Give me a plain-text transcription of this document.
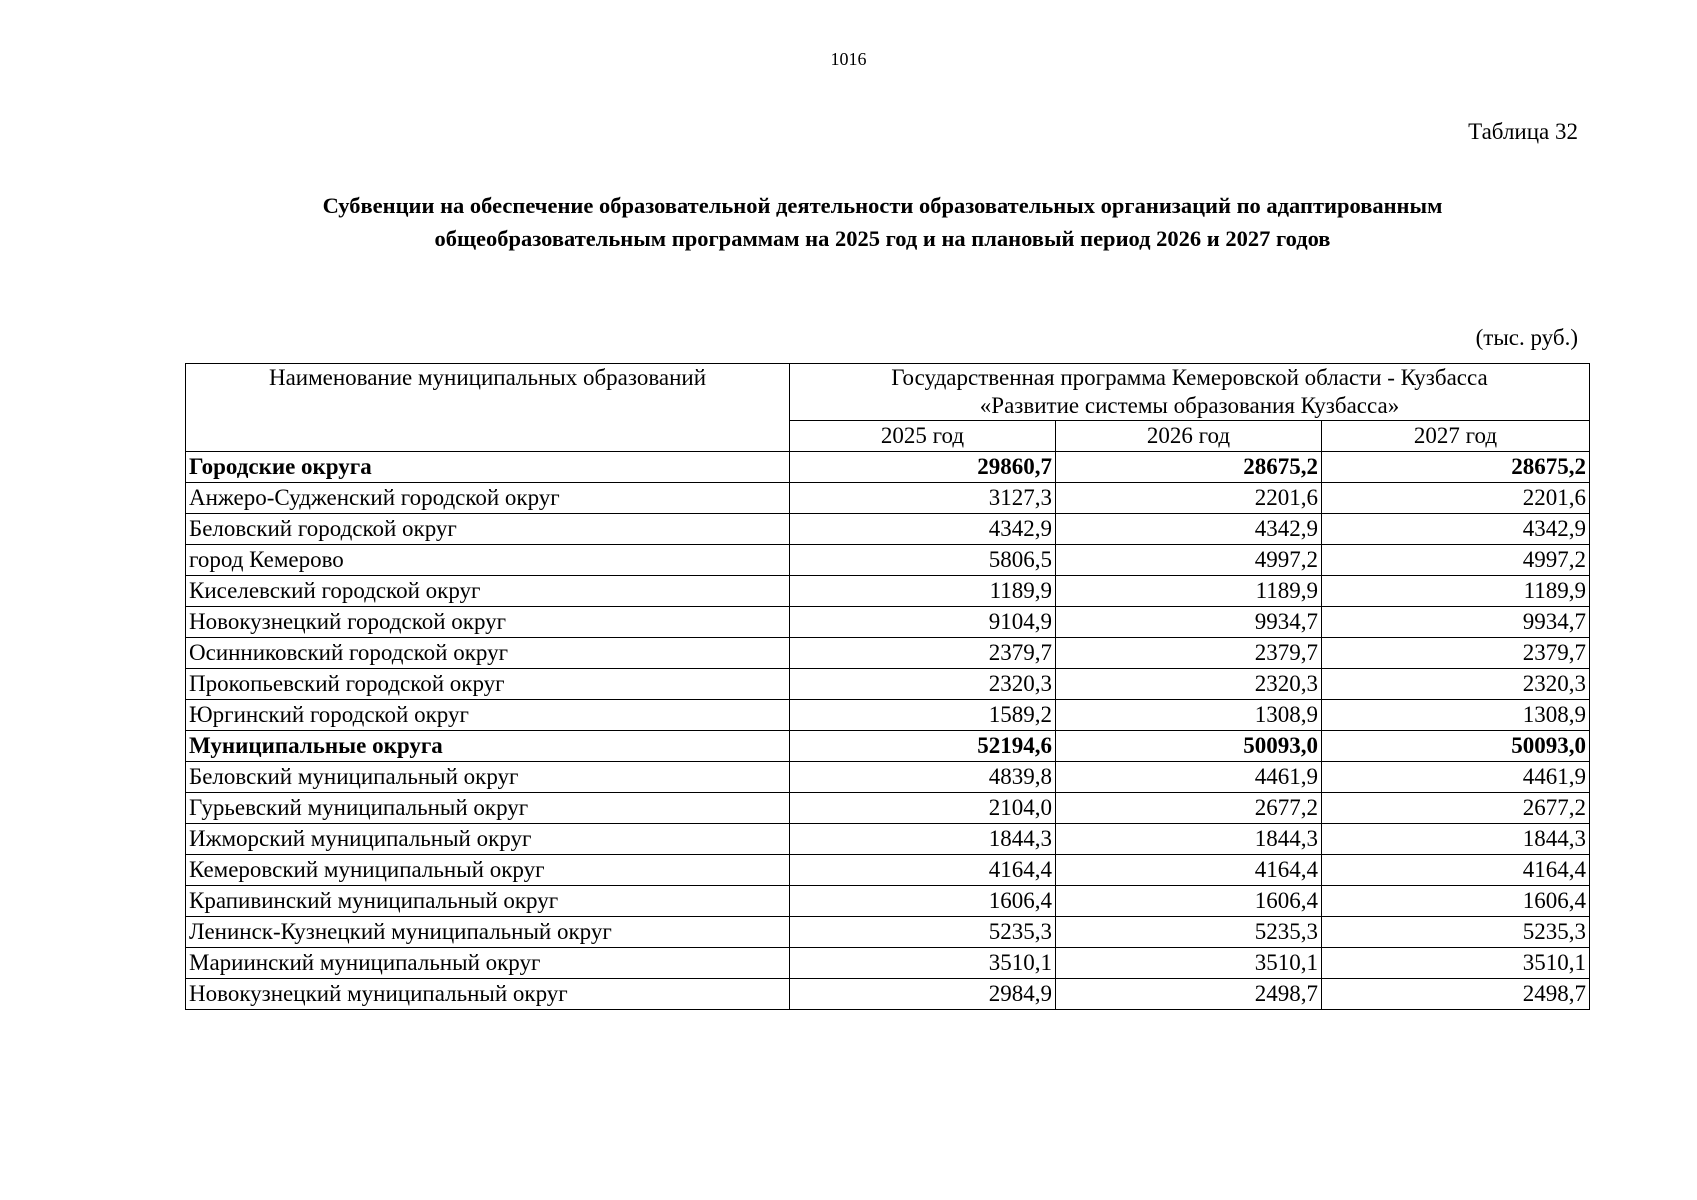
1016
Таблица 32
Субвенции на обеспечение образовательной деятельности образовательных организаций по адаптированным
общеобразовательным программам на 2025 год и на плановый период 2026 и 2027 годов
(тыс. руб.)
Наименование муниципальных образований	Государственная программа Кемеровской области - Кузбасса
«Развитие системы образования Кузбасса»		

	2025 год	2026 год	2027 год
Городские округа	29860,7	28675,2	28675,2
Анжеро-Судженский городской округ	3127,3	2201,6	2201,6
Беловский городской округ	4342,9	4342,9	4342,9
город Кемерово	5806,5	4997,2	4997,2
Киселевский городской округ	1189,9	1189,9	1189,9
Новокузнецкий городской округ	9104,9	9934,7	9934,7
Осинниковский городской округ	2379,7	2379,7	2379,7
Прокопьевский городской округ	2320,3	2320,3	2320,3
Юргинский городской округ	1589,2	1308,9	1308,9
Муниципальные округа	52194,6	50093,0	50093,0
Беловский муниципальный округ	4839,8	4461,9	4461,9
Гурьевский муниципальный округ	2104,0	2677,2	2677,2
Ижморский муниципальный округ	1844,3	1844,3	1844,3
Кемеровский муниципальный округ	4164,4	4164,4	4164,4
Крапивинский муниципальный округ	1606,4	1606,4	1606,4
Ленинск-Кузнецкий муниципальный округ	5235,3	5235,3	5235,3
Мариинский муниципальный округ	3510,1	3510,1	3510,1
Новокузнецкий муниципальный округ	2984,9	2498,7	2498,7
